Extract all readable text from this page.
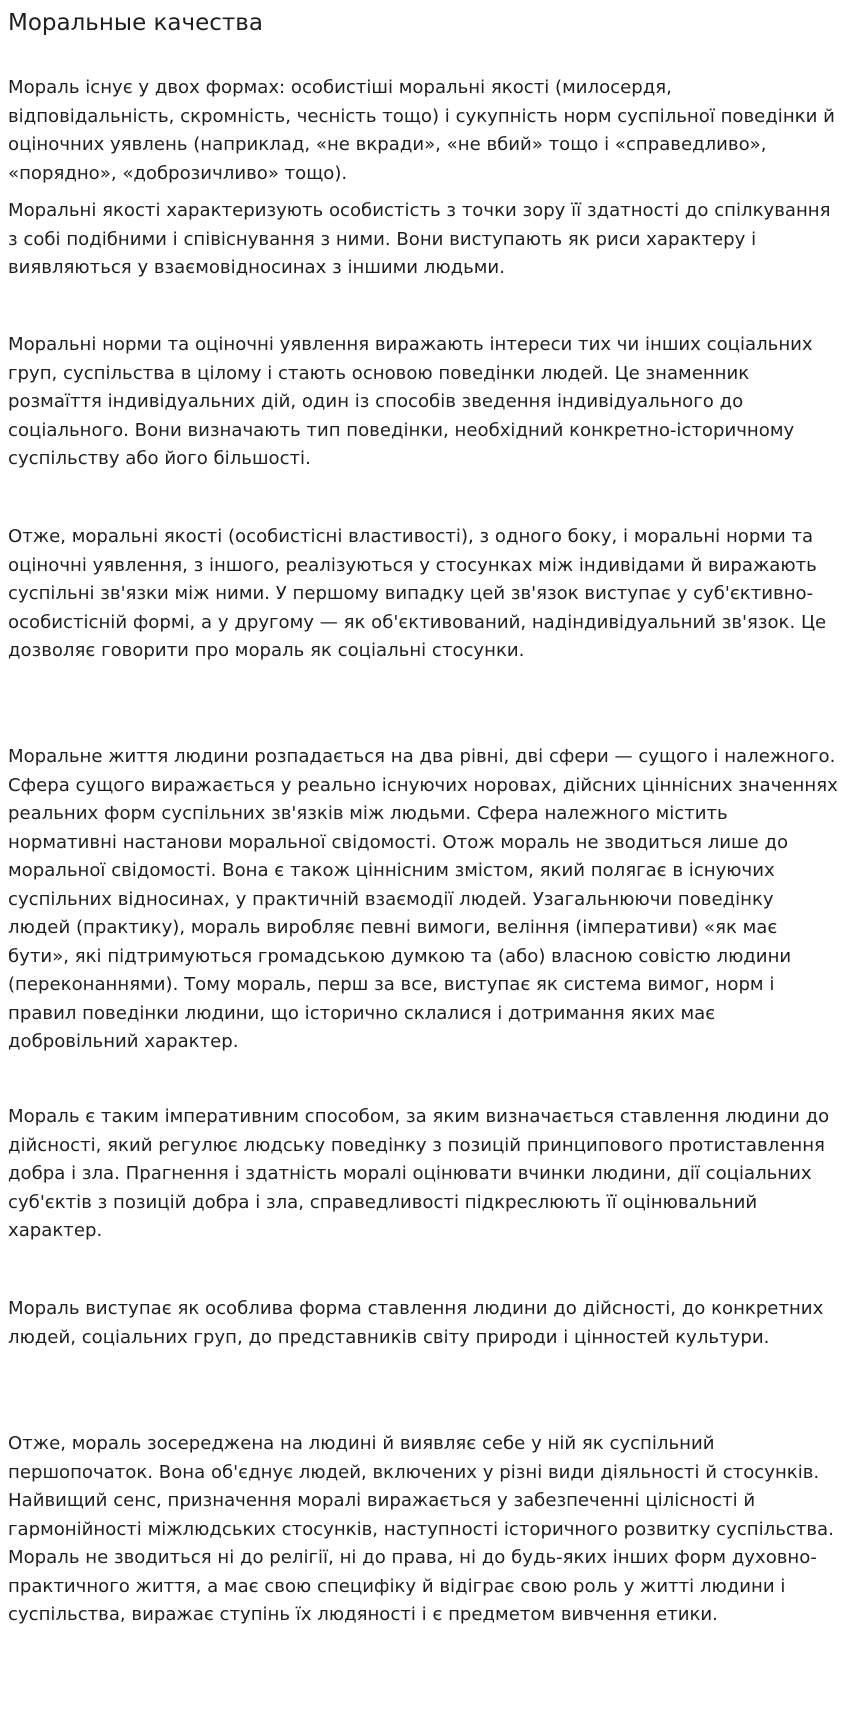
Моральные качества

Мораль існує у двох формах: особистіші моральні якості (милосердя, відповідальність, скромність, чесність тощо) і сукупність норм суспільної поведінки й оціночних уявлень (наприклад, «не вкради», «не вбий» тощо і «справедливо», «порядно», «доброзичливо» тощо).

Моральні якості характеризують особистість з точки зору її здатності до спілкування з собі подібними і співіснування з ними. Вони виступають як риси характеру і виявляються у взаємовідносинах з іншими людьми.

Моральні норми та оціночні уявлення виражають інтереси тих чи інших соціальних груп, суспільства в цілому і стають основою поведінки людей. Це знаменник розмаїття індивідуальних дій, один із способів зведення індивідуального до соціального. Вони визначають тип поведінки, необхідний конкретно-історичному суспільству або його більшості.

Отже, моральні якості (особистісні властивості), з одного боку, і моральні норми та оціночні уявлення, з іншого, реалізуються у стосунках між індивідами й виражають суспільні зв'язки між ними. У першому випадку цей зв'язок виступає у суб'єктивно-особистісній формі, а у другому — як об'єктивований, надіндивідуальний зв'язок. Це дозволяє говорити про мораль як соціальні стосунки.

Моральне життя людини розпадається на два рівні, дві сфери — сущого і належного. Сфера сущого виражається у реально існуючих норовах, дійсних ціннісних значеннях реальних форм суспільних зв'язків між людьми. Сфера належного містить нормативні настанови моральної свідомості. Отож мораль не зводиться лише до моральної свідомості. Вона є також ціннісним змістом, який полягає в існуючих суспільних відносинах, у практичній взаємодії людей. Узагальнюючи поведінку людей (практику), мораль виробляє певні вимоги, веління (імперативи) «як має бути», які підтримуються громадською думкою та (або) власною совістю людини (переконаннями). Тому мораль, перш за все, виступає як система вимог, норм і правил поведінки людини, що історично склалися і дотримання яких має добровільний характер.

Мораль є таким імперативним способом, за яким визначається ставлення людини до дійсності, який регулює людську поведінку з позицій принципового протиставлення добра і зла. Прагнення і здатність моралі оцінювати вчинки людини, дії соціальних суб'єктів з позицій добра і зла, справедливості підкреслюють її оцінювальний характер.

Мораль виступає як особлива форма ставлення людини до дійсності, до конкретних людей, соціальних груп, до представників світу природи і цінностей культури.

Отже, мораль зосереджена на людині й виявляє себе у ній як суспільний першопочаток. Вона об'єднує людей, включених у різні види діяльності й стосунків. Найвищий сенс, призначення моралі виражається у забезпеченні цілісності й гармонійності міжлюдських стосунків, наступності історичного розвитку суспільства. Мораль не зводиться ні до релігії, ні до права, ні до будь-яких інших форм духовно-практичного життя, а має свою специфіку й відіграє свою роль у житті людини і суспільства, виражає ступінь їх людяності і є предметом вивчення етики.
